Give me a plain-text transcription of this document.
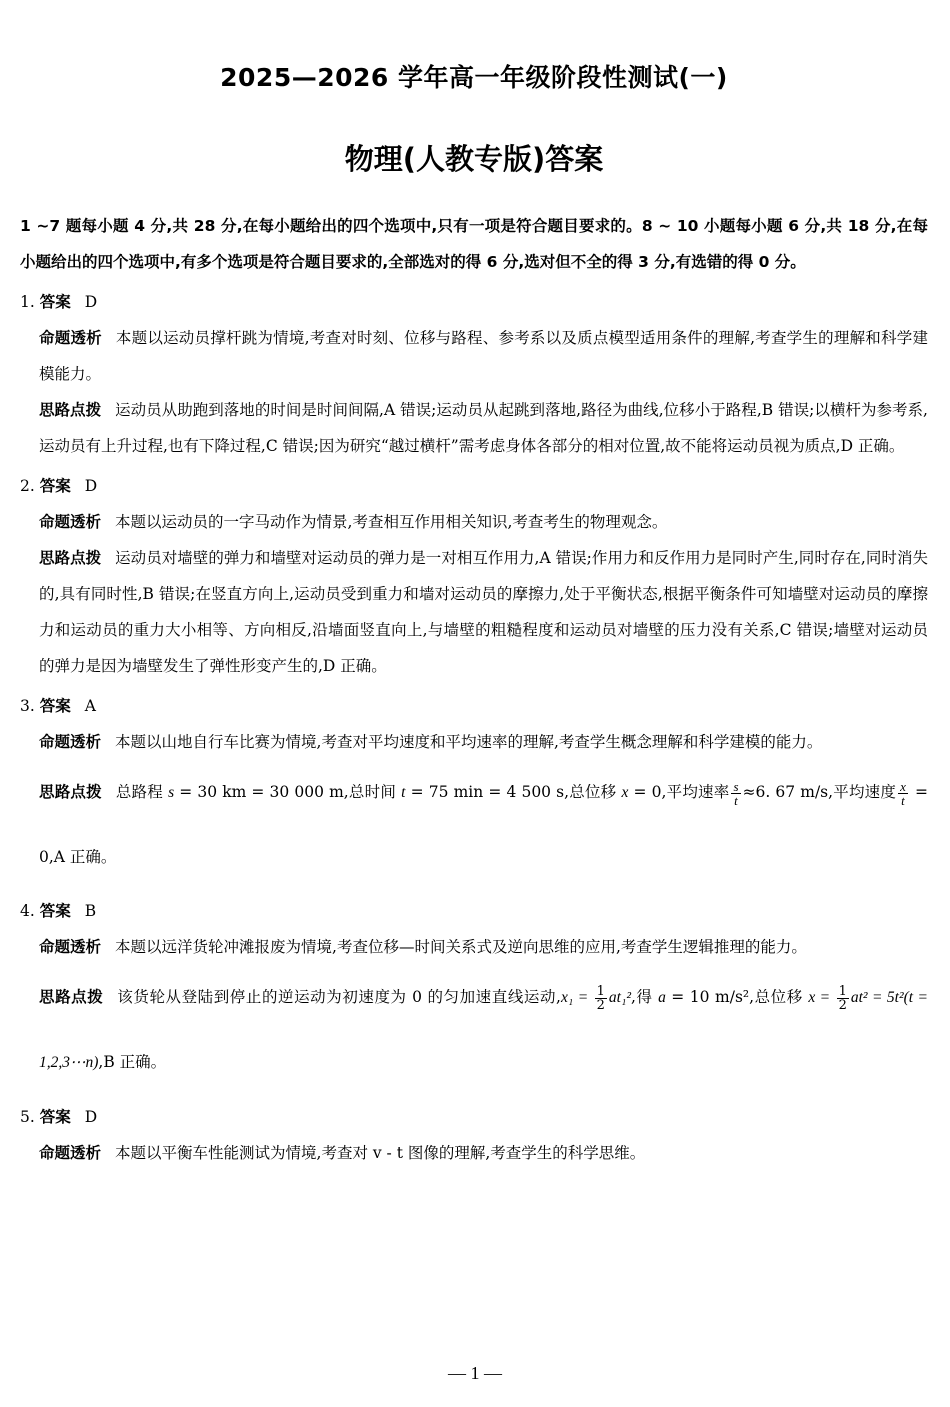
2025—2026 学年高一年级阶段性测试(一)
物理(人教专版)答案

1 ~7 题每小题 4 分,共 28 分,在每小题给出的四个选项中,只有一项是符合题目要求的。8 ~ 10 小题每小题 6 分,共 18 分,在每小题给出的四个选项中,有多个选项是符合题目要求的,全部选对的得 6 分,选对但不全的得 3 分,有选错的得 0 分。

1. 答案 D

命题透析 本题以运动员撑杆跳为情境,考查对时刻、位移与路程、参考系以及质点模型适用条件的理解,考查学生的理解和科学建模能力。

思路点拨 运动员从助跑到落地的时间是时间间隔,A 错误;运动员从起跳到落地,路径为曲线,位移小于路程,B 错误;以横杆为参考系,运动员有上升过程,也有下降过程,C 错误;因为研究“越过横杆”需考虑身体各部分的相对位置,故不能将运动员视为质点,D 正确。

2. 答案 D

命题透析 本题以运动员的一字马动作为情景,考查相互作用相关知识,考查考生的物理观念。

思路点拨 运动员对墙壁的弹力和墙壁对运动员的弹力是一对相互作用力,A 错误;作用力和反作用力是同时产生,同时存在,同时消失的,具有同时性,B 错误;在竖直方向上,运动员受到重力和墙对运动员的摩擦力,处于平衡状态,根据平衡条件可知墙壁对运动员的摩擦力和运动员的重力大小相等、方向相反,沿墙面竖直向上,与墙壁的粗糙程度和运动员对墙壁的压力没有关系,C 错误;墙壁对运动员的弹力是因为墙壁发生了弹性形变产生的,D 正确。

3. 答案 A

命题透析 本题以山地自行车比赛为情境,考查对平均速度和平均速率的理解,考查学生概念理解和科学建模的能力。

思路点拨 总路程 s = 30 km = 30 000 m,总时间 t = 75 min = 4 500 s,总位移 x = 0,平均速率 $\frac{s}{t} \approx 6$. 67 m/s,平均速度 $\frac{x}{t} = 0,A$ 正确。

4. 答案 B

命题透析 本题以远洋货轮冲滩报废为情境,考查位移—时间关系式及逆向思维的应用,考查学生逻辑推理的能力。

思路点拨 该货轮从登陆到停止的逆运动为初速度为 0 的匀加速直线运动$,x_1 = \frac{1}{2} at_1^2$,得 a = 10 m/s²,总位移 $x = \frac{1}{2} at^2 = 5t^2(t$ = 1,2,3⋯n),B 正确。

5. 答案 D

命题透析 本题以平衡车性能测试为情境,考查对 v - t 图像的理解,考查学生的科学思维。

— 1 —
